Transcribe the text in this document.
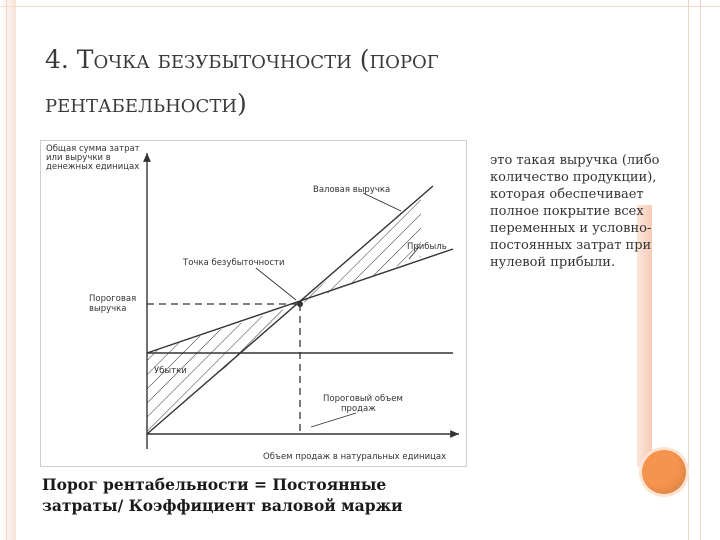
4. Точка безубыточности (порог рентабельности)
Общая сумма затрат или выручки в денежных единицах
Валовая выручка
Прибыль
Точка безубыточности
Пороговая выручка
Убытки
Пороговый объем продаж
Объем продаж в натуральных единицах

это такая выручка (либо количество продукции), которая обеспечивает полное покрытие всех переменных и условно-постоянных затрат при нулевой прибыли.

Порог рентабельности = Постоянные затраты/ Коэффициент валовой маржи
